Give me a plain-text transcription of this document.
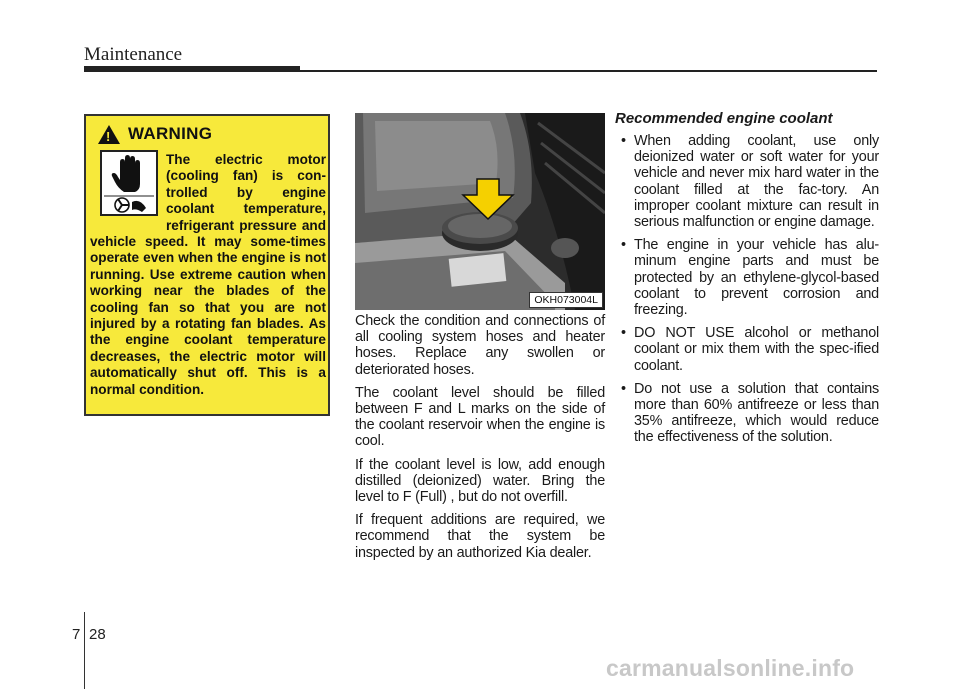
Maintenance
!
WARNING

The electric motor (cooling fan) is con-trolled by engine coolant temperature, refrigerant pressure and vehicle speed. It may some-times operate even when the engine is not running. Use extreme caution when working near the blades of the cooling fan so that you are not injured by a rotating fan blades. As the engine coolant temperature decreases, the electric motor will automatically shut off. This is a normal condition.

OKH073004L

Check the condition and connections of all cooling system hoses and heater hoses. Replace any swollen or deteriorated hoses.

The coolant level should be filled between F and L marks on the side of the coolant reservoir when the engine is cool.

If the coolant level is low, add enough distilled (deionized) water. Bring the level to F (Full) , but do not overfill.

If frequent additions are required, we recommend that the system be inspected by an authorized Kia dealer.

Recommended engine coolant
• When adding coolant, use only deionized water or soft water for your vehicle and never mix hard water in the coolant filled at the fac-tory. An improper coolant mixture can result in serious malfunction or engine damage.
• The engine in your vehicle has alu-minum engine parts and must be protected by an ethylene-glycol-based coolant to prevent corrosion and freezing.
• DO NOT USE alcohol or methanol coolant or mix them with the spec-ified coolant.
• Do not use a solution that contains more than 60% antifreeze or less than 35% antifreeze, which would reduce the effectiveness of the solution.
7 28
carmanualsonline.info
